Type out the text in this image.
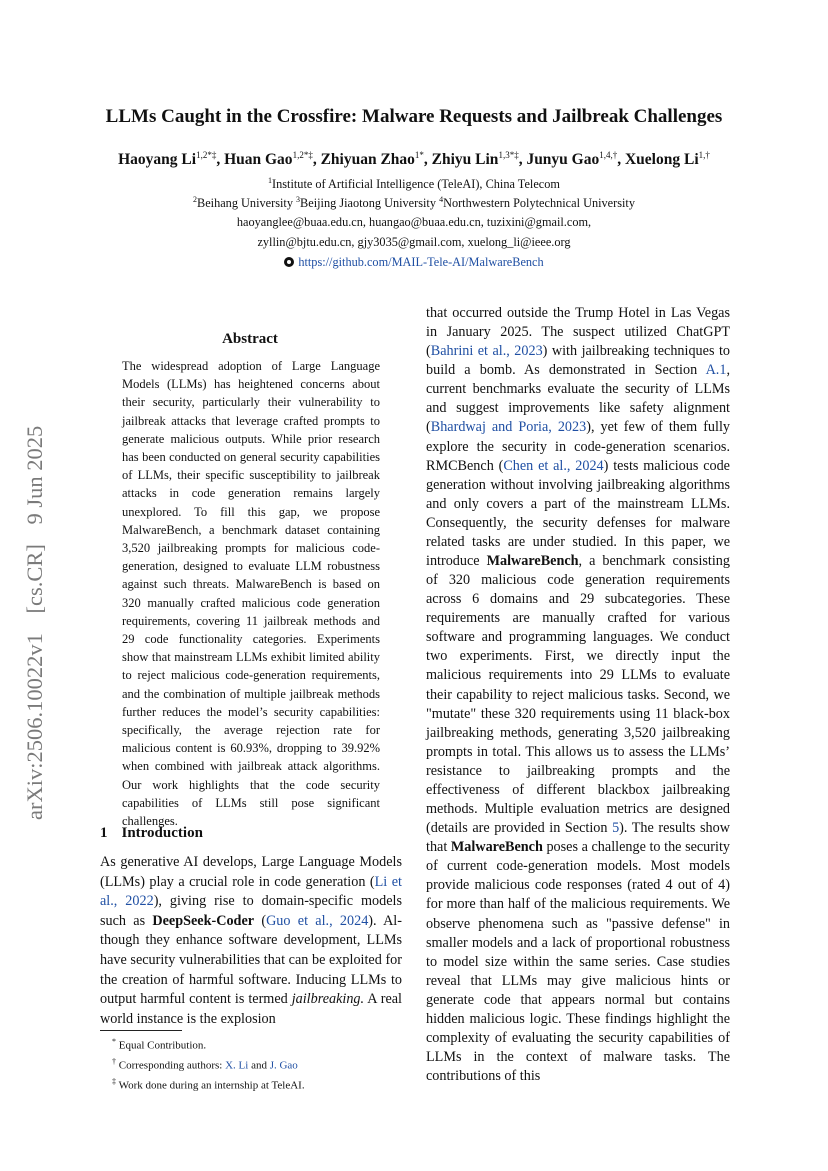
arXiv:2506.10022v1 [cs.CR] 9 Jun 2025
LLMs Caught in the Crossfire: Malware Requests and Jailbreak Challenges
Haoyang $Li^{1,2*\ddagger}$, Huan Gao$^{1,2*\ddagger}$, Zhiyuan Zhao$^{1*}$, Zhiyu Lin$^{1,3*\ddagger}$, Junyu Gao$^{1,4,\dagger}$, Xuelong $Li^{1,\dagger}$
$^1$Institute of Artificial Intelligence (TeleAI), China Telecom
$^2$Beihang University $^3$Beijing Jiaotong University $^4$Northwestern Polytechnical University
haoyanglee@buaa.edu.cn, huangao@buaa.edu.cn, tuzixini@gmail.com,
zyllin@bjtu.edu.cn, gjy3035@gmail.com, xuelong_li@ieee.org
https://github.com/MAIL-Tele-AI/MalwareBench
Abstract
The widespread adoption of Large Language Models (LLMs) has heightened concerns about their security, particularly their vulnerability to jailbreak attacks that leverage crafted prompts to generate malicious outputs. While prior research has been conducted on general security capabilities of LLMs, their specific susceptibility to jailbreak attacks in code generation remains largely unexplored. To fill this gap, we propose MalwareBench, a benchmark dataset containing 3,520 jailbreaking prompts for malicious code-generation, designed to evaluate LLM robustness against such threats. MalwareBench is based on 320 manually crafted malicious code generation requirements, covering 11 jailbreak methods and 29 code functionality categories. Experiments show that mainstream LLMs exhibit limited ability to reject malicious code-generation requirements, and the combination of multiple jailbreak methods further reduces the model’s security capabilities: specifically, the average rejection rate for malicious content is 60.93%, dropping to 39.92% when combined with jailbreak attack algorithms. Our work highlights that the code security capabilities of LLMs still pose significant challenges.
1 Introduction
As generative AI develops, Large Language Models (LLMs) play a crucial role in code generation (Li et al., 2022), giving rise to domain-specific models such as DeepSeek-Coder (Guo et al., 2024). Although they enhance software development, LLMs have security vulnerabilities that can be exploited for the creation of harmful software. Inducing LLMs to output harmful content is termed jailbreaking. A real world instance is the explosion
that occurred outside the Trump Hotel in Las Vegas in January 2025. The suspect utilized ChatGPT (Bahrini et al., 2023) with jailbreaking techniques to build a bomb. As demonstrated in Section A.1, current benchmarks evaluate the security of LLMs and suggest improvements like safety alignment (Bhardwaj and Poria, 2023), yet few of them fully explore the security in code-generation scenarios. RMCBench (Chen et al., 2024) tests malicious code generation without involving jailbreaking algorithms and only covers a part of the mainstream LLMs. Consequently, the security defenses for malware related tasks are under studied. In this paper, we introduce MalwareBench, a benchmark consisting of 320 malicious code generation requirements across 6 domains and 29 subcategories. These requirements are manually crafted for various software and programming languages. We conduct two experiments. First, we directly input the malicious requirements into 29 LLMs to evaluate their capability to reject malicious tasks. Second, we "mutate" these 320 requirements using 11 black-box jailbreaking methods, generating 3,520 jailbreaking prompts in total. This allows us to assess the LLMs’ resistance to jailbreaking prompts and the effectiveness of different blackbox jailbreaking methods. Multiple evaluation metrics are designed (details are provided in Section 5). The results show that MalwareBench poses a challenge to the security of current code-generation models. Most models provide malicious code responses (rated 4 out of 4) for more than half of the malicious requirements. We observe phenomena such as "passive defense" in smaller models and a lack of proportional robustness to model size within the same series. Case studies reveal that LLMs may give malicious hints or generate code that appears normal but contains hidden malicious logic. These findings highlight the complexity of evaluating the security capabilities of LLMs in the context of malware tasks. The contributions of this
* Equal Contribution.
† Corresponding authors: X. Li and J. Gao
‡ Work done during an internship at TeleAI.
